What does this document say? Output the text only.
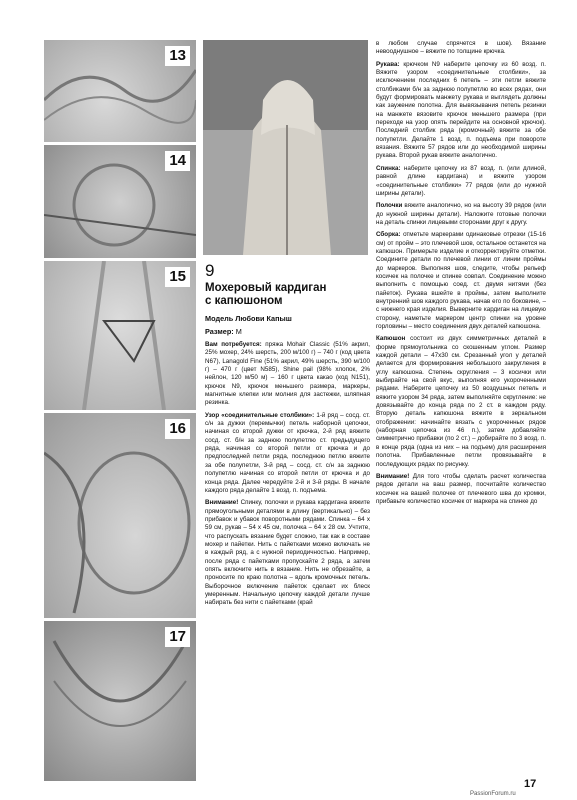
13
14
15
16
17
9
Мохеровый кардиган
с капюшоном
Модель Любови Капыш
Размер: М

Вам потребуется: пряжа Mohair Classic (51% акрил, 25% мохер, 24% шерсть, 200 м/100 г) – 740 г (код цвета N67), Lanagold Fine (51% акрил, 49% шерсть, 390 м/100 г) – 470 г (цвет N585), Shine pail (98% хлопок, 2% нейлон, 120 м/50 м) – 160 г цвета какао (код N151), крючок N9, крючок меньшего размера, маркеры, магнитные клепки или молния для застежки, шляпная резинка.

Узор «соединительные столбики»: 1-й ряд – сосд. ст. с/н за дужки (перемычки) петель наборной цепочки, начиная со второй дужки от крючка, 2-й ряд вяжите сосд. ст. б/н за заднюю полупетлю ст. предыдущего ряда, начиная со второй петли от крючка и до предпоследней петли ряда, последнюю петлю вяжите за обе полупетли, 3-й ряд – сосд. ст. с/н за заднюю полупетлю начиная со второй петли от крючка и до конца ряда. Далее чередуйте 2-й и 3-й ряды. В начале каждого ряда делайте 1 возд. п. подъема.

Внимание! Спинку, полочки и рукава кардигана вяжите прямоугольными деталями в длину (вертикально) – без прибавок и убавок поворотными рядами. Спинка – 64 х 59 см, рукав – 54 х 45 см, полочка – 64 х 28 см. Учтите, что распускать вязание будет сложно, так как в составе мохер и пайетки. Нить с пайетками можно включать не в каждый ряд, а с нужной периодичностью. Например, после ряда с пайетками пропускайте 2 ряда, а затем опять включите нить в вязание. Нить не обрезайте, а проносите по краю полотна – вдоль кромочных петель. Выборочное включение пайеток сделает их блеск умеренным. Начальную цепочку каждой детали лучше набирать без нити с пайетками (край

в любом случае спрячется в шов). Вязание невооднушное – вяжите по толщине крючка.

Рукава: крючком N9 наберите цепочку из 60 возд. п. Вяжите узором «соединительные столбики», за исключением последних 6 петель – эти петли вяжите столбиками б/н за заднюю полупетлю во всех рядах, они будут формировать манжету рукава и выглядеть должны как заужение полотна. Для вывязывания петель резинки на манжете вязовите крючок меньшего размера (при переходе на узор опять перейдите на основной крючок). Последний столбик ряда (кромочный) вяжите за обе полупетли. Делайте 1 возд. п. подъема при повороте вязания. Вяжите 57 рядов или до необходимой ширины рукава. Второй рукав вяжите аналогично.

Спинка: наберите цепочку из 87 возд. п. (или длиной, равной длине кардигана) и вяжите узором «соединительные столбики» 77 рядов (или до нужной ширины детали).

Полочки вяжите аналогично, но на высоту 39 рядов (или до нужной ширины детали). Наложите готовые полочки на деталь спинки лицевыми сторонами друг к другу.

Сборка: отметьте маркерами одинаковые отрезки (15-16 см) от пройм – это плечевой шов, остальное останется на капюшон. Примерьте изделие и откорректируйте отметки. Соедините детали по плечевой линии от линии проймы до маркеров. Выполняя шов, следите, чтобы рельеф косичек на полочке и спинке совпал. Соединение можно выполнить с помощью соед. ст. двумя нитями (без пайеток). Рукава вшейте в проймы, затем выполните внутренний шов каждого рукава, начав его по боковине, – с нижнего края изделия. Выверните кардиган на лицевую сторону, наметьте маркером центр спинки на уровне горловины – место соединения двух деталей капюшона.

Капюшон состоит из двух симметричных деталей в форме прямоугольника со скошенным углом. Размер каждой детали – 47х30 см. Срезанный угол у деталей делается для формирования небольшого закругления в углу капюшона. Степень скругления – 3 косички или выбирайте на свой вкус, выполняя его укороченными рядами. Наберите цепочку из 50 воздушных петель и вяжите узором 34 ряда, затем выполняйте скругление: не довязывайте до конца ряда по 2 ст. в каждом ряду. Вторую деталь капюшона вяжите в зеркальном отображении: начинайте вязать с укороченных рядов (наборная цепочка из 46 п.), затем добавляйте симметрично прибавки (по 2 ст.) – добирайте по 3 возд. п. в конце ряда (одна из них – на подъем) для расширения полотна. Прибавленные петли провязывайте в последующих рядах по рисунку.

Внимание! Для того чтобы сделать расчет количества рядов детали на ваш размер, посчитайте количество косичек на вашей полочке от плечевого шва до кромки, прибавьте количество косичек от маркера на спинке до

17
PassionForum.ru
